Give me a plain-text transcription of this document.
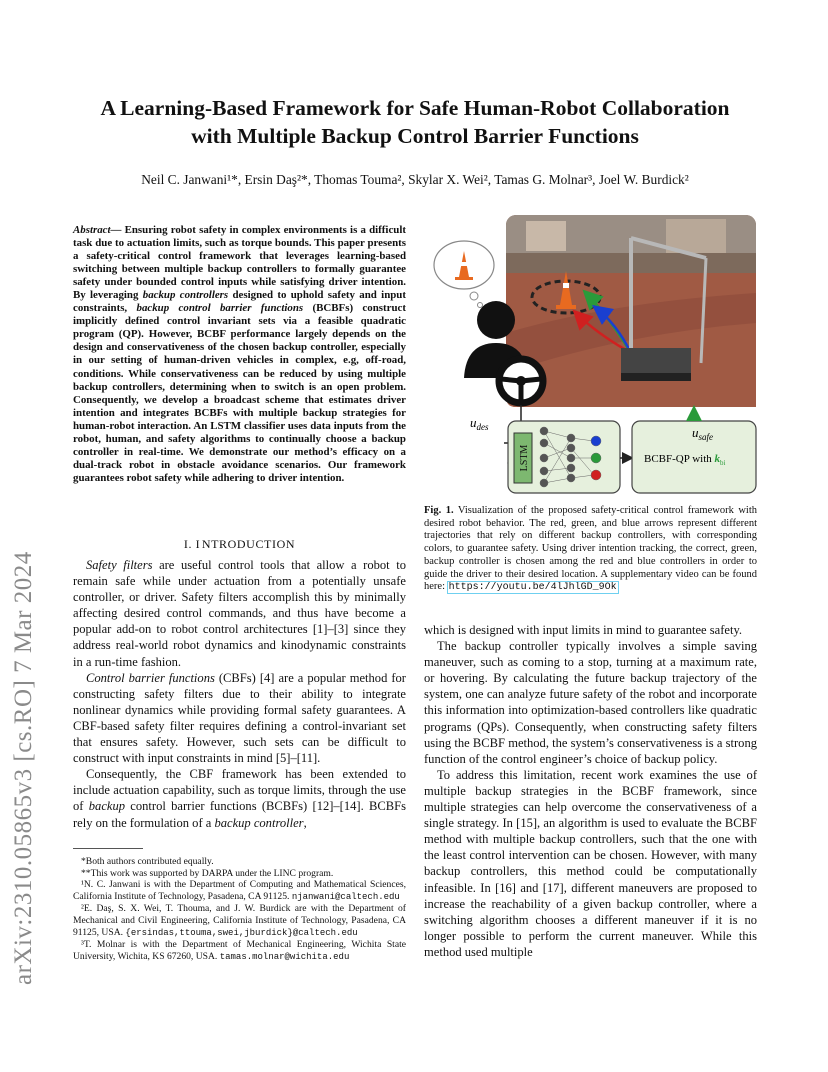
arXiv:2310.05865v3 [cs.RO] 7 Mar 2024
A Learning-Based Framework for Safe Human-Robot Collaboration
with Multiple Backup Control Barrier Functions
Neil C. Janwani¹*, Ersin Daş²*, Thomas Touma², Skylar X. Wei², Tamas G. Molnar³, Joel W. Burdick²
Abstract— Ensuring robot safety in complex environments is a difficult task due to actuation limits, such as torque bounds. This paper presents a safety-critical control framework that leverages learning-based switching between multiple backup controllers to formally guarantee safety under bounded control inputs while satisfying driver intention. By leveraging backup controllers designed to uphold safety and input constraints, backup control barrier functions (BCBFs) construct implicitly defined control invariant sets via a feasible quadratic program (QP). However, BCBF performance largely depends on the design and conservativeness of the chosen backup controller, especially in our setting of human-driven vehicles in complex, e.g, off-road, conditions. While conservativeness can be reduced by using multiple backup controllers, determining when to switch is an open problem. Consequently, we develop a broadcast scheme that estimates driver intention and integrates BCBFs with multiple backup strategies for human-robot interaction. An LSTM classifier uses data inputs from the robot, human, and safety algorithms to continually choose a backup controller in real-time. We demonstrate our method’s efficacy on a dual-track robot in obstacle avoidance scenarios. Our framework guarantees robot safety while adhering to driver intention.
I. I NTRODUCTION

Safety filters are useful control tools that allow a robot to remain safe while under actuation from a potentially unsafe controller, or driver. Safety filters accomplish this by minimally affecting desired control commands, and thus have become a popular add-on to robot control architectures [1]–[3] since they address real-world robot dynamics and kinodynamic constraints in a run-time fashion.

Control barrier functions (CBFs) [4] are a popular method for constructing safety filters due to their ability to integrate nonlinear dynamics while providing formal safety guarantees. A CBF-based safety filter requires defining a control-invariant set that ensures safety. However, such sets can be difficult to construct with input constraints in mind [5]–[11].

Consequently, the CBF framework has been extended to include actuation capability, such as torque limits, through the use of backup control barrier functions (BCBFs) [12]–[14]. BCBFs rely on the formulation of a backup controller,

*Both authors contributed equally.
**This work was supported by DARPA under the LINC program.
¹N. C. Janwani is with the Department of Computing and Mathematical Sciences, California Institute of Technology, Pasadena, CA 91125. njanwani@caltech.edu
²E. Daş, S. X. Wei, T. Thouma, and J. W. Burdick are with the Department of Mechanical and Civil Engineering, California Institute of Technology, Pasadena, CA 91125, USA. {ersindas,ttouma,swei,jburdick}@caltech.edu
³T. Molnar is with the Department of Mechanical Engineering, Wichita State University, Wichita, KS 67260, USA. tamas.molnar@wichita.edu
$u_{des}$
LSTM	BCBF-QP with $k_{bi}$
$u_{safe}$
Fig. 1. Visualization of the proposed safety-critical control framework with desired robot behavior. The red, green, and blue arrows represent different trajectories that rely on different backup controllers, with corresponding colors, to guarantee safety. Using driver intention tracking, the correct, green, backup controller is chosen among the red and blue controllers in order to guide the driver to their desired location. A supplementary video can be found here: https://youtu.be/4lJhlGD_9Ok

which is designed with input limits in mind to guarantee safety.

The backup controller typically involves a simple saving maneuver, such as coming to a stop, turning at a maximum rate, or hovering. By calculating the future backup trajectory of the system, one can analyze future safety of the robot and incorporate this information into optimization-based controllers like quadratic programs (QPs). Consequently, when constructing safety filters using the BCBF method, the system’s conservativeness is a strong function of the control engineer’s choice of backup policy.

To address this limitation, recent work examines the use of multiple backup strategies in the BCBF framework, since multiple strategies can help overcome the conservativeness of a single strategy. In [15], an algorithm is used to evaluate the BCBF method with multiple backup controllers, such that the one with the least control intervention can be chosen. However, with many backup controllers, this method could be computationally infeasible. In [16] and [17], different maneuvers are proposed to increase the reachability of a given backup controller, where a switching algorithm chooses a different maneuver if it is no longer possible to perform the current maneuver. While this method used multiple
